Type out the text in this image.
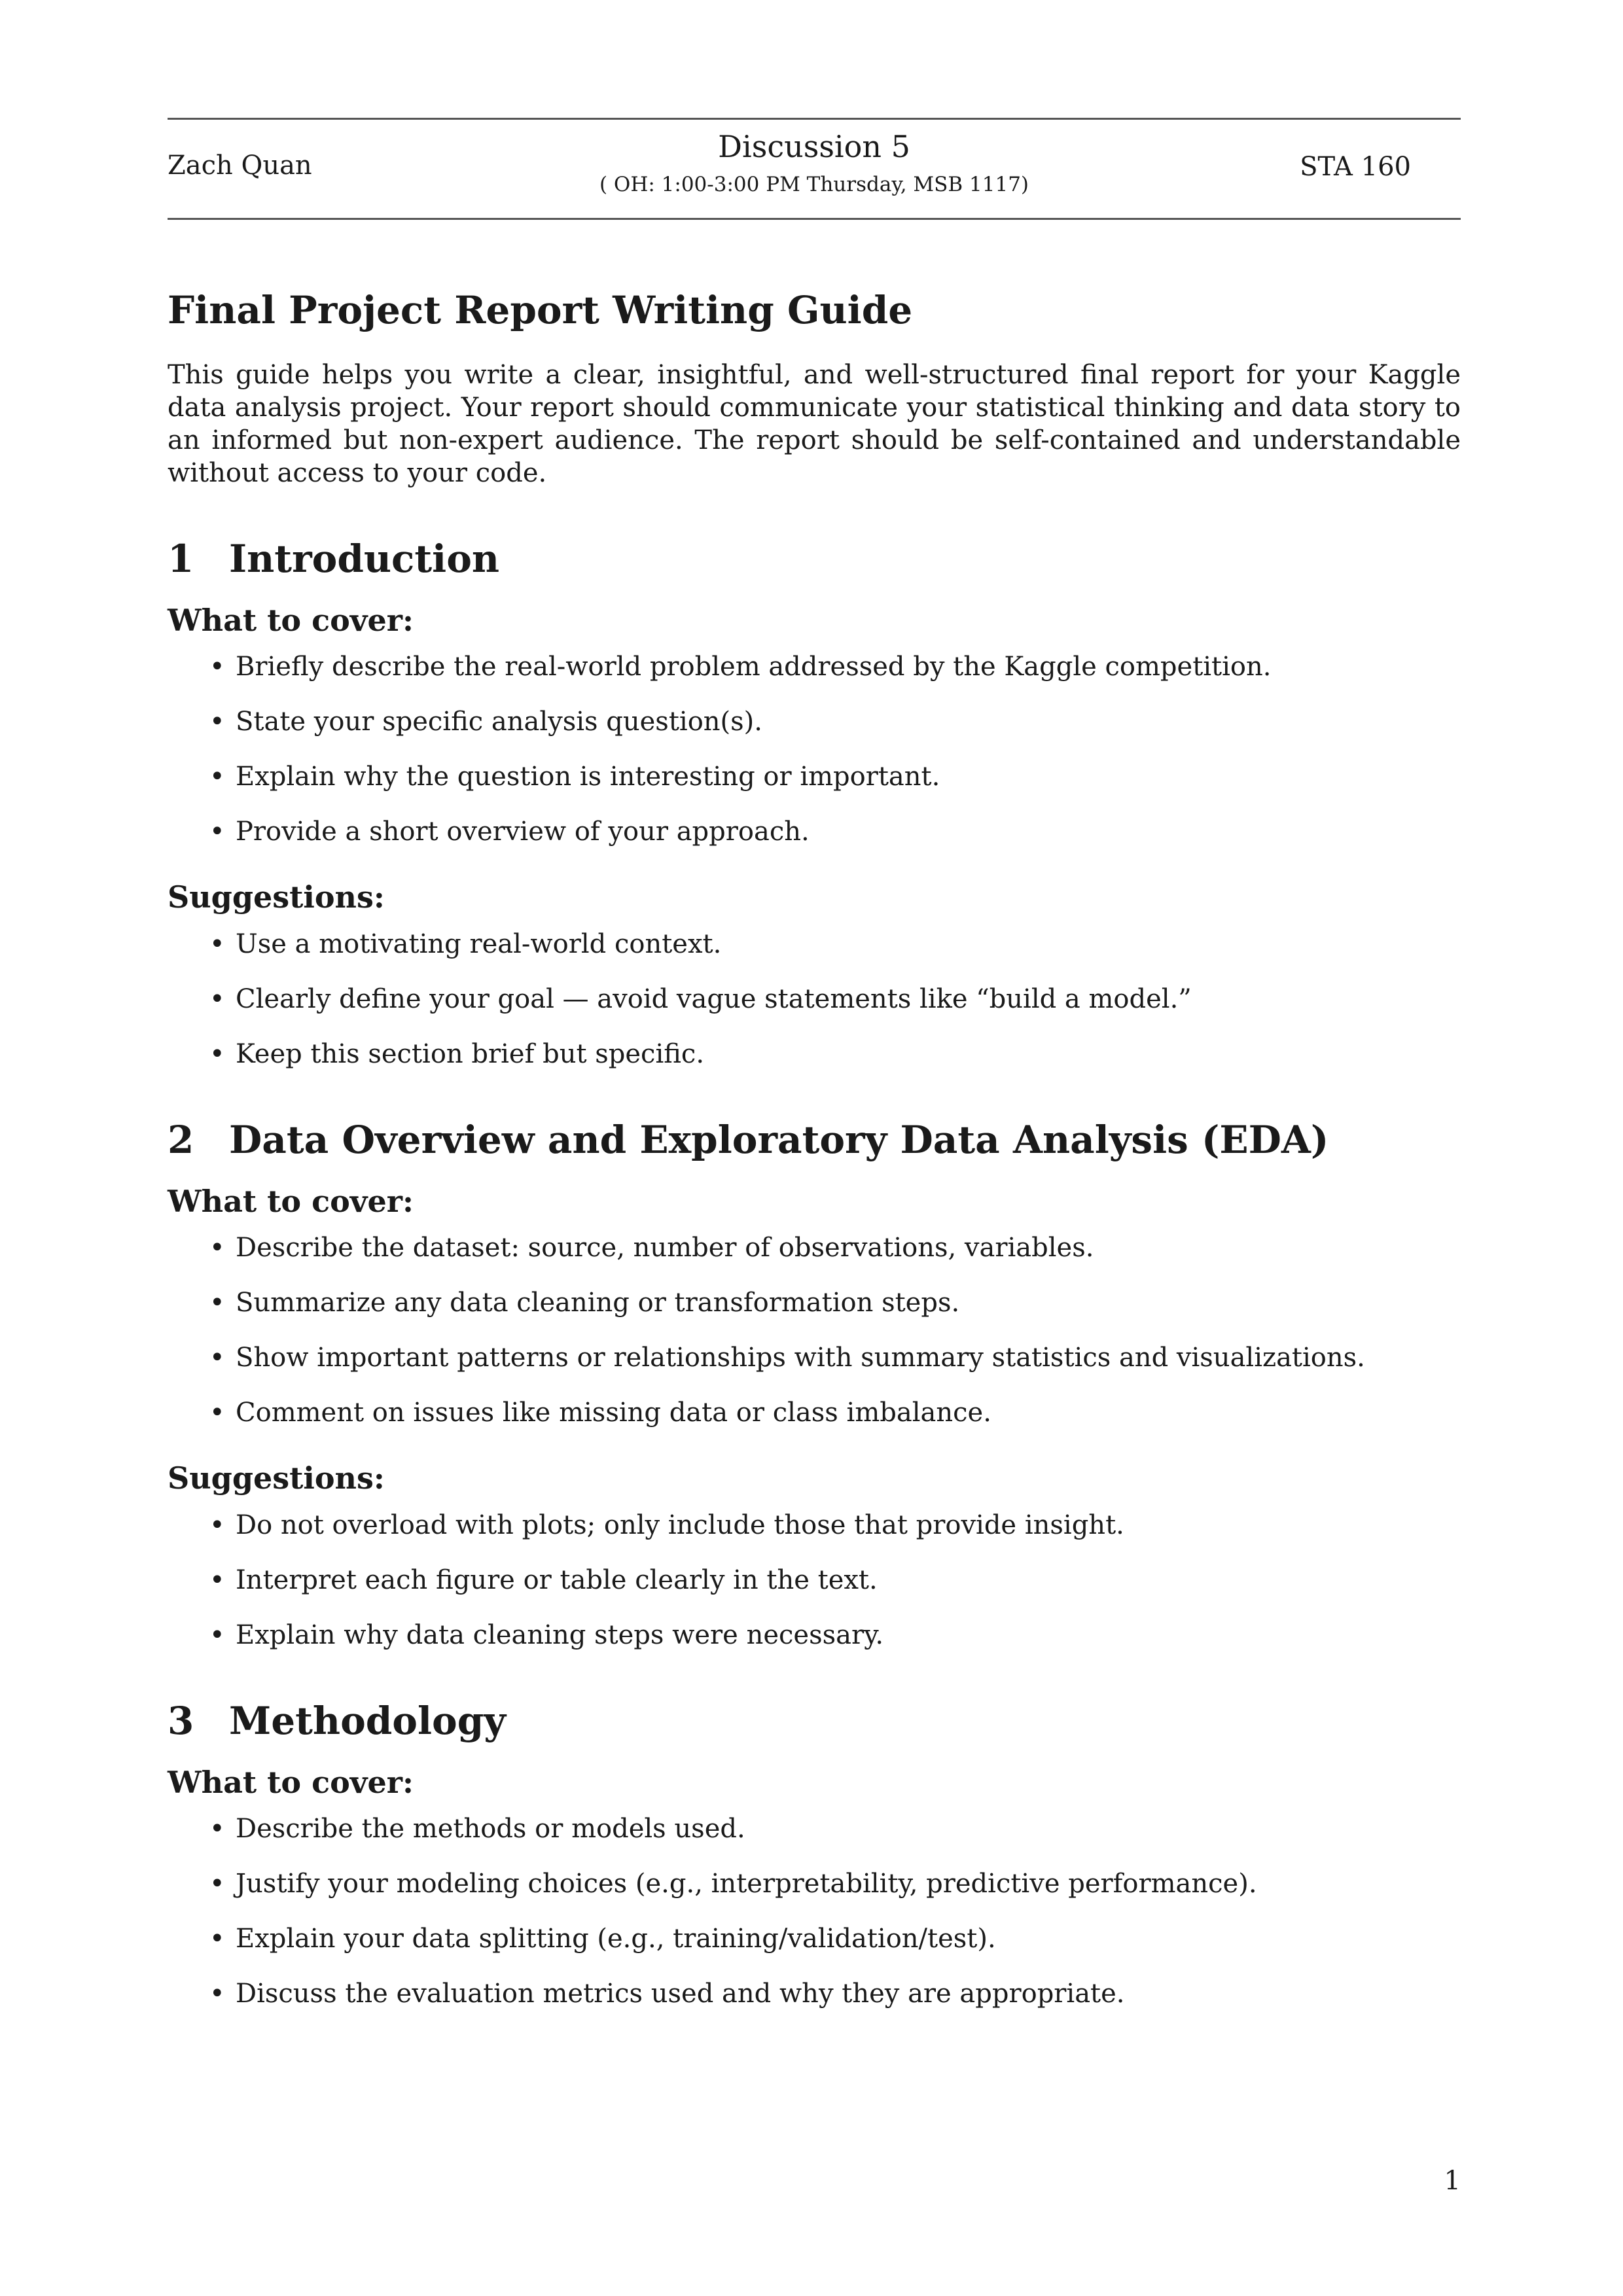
Zach Quan
Discussion 5
( OH: 1:00-3:00 PM Thursday, MSB 1117)
STA 160
Final Project Report Writing Guide

This guide helps you write a clear, insightful, and well-structured final report for your Kaggle data analysis project. Your report should communicate your statistical thinking and data story to an informed but non-expert audience. The report should be self-contained and understandable without access to your code.

1 Introduction
What to cover:
• Briefly describe the real-world problem addressed by the Kaggle competition.
• State your specific analysis question(s).
• Explain why the question is interesting or important.
• Provide a short overview of your approach.
Suggestions:
• Use a motivating real-world context.
• Clearly define your goal — avoid vague statements like “build a model.”
• Keep this section brief but specific.
2 Data Overview and Exploratory Data Analysis (EDA)
What to cover:
• Describe the dataset: source, number of observations, variables.
• Summarize any data cleaning or transformation steps.
• Show important patterns or relationships with summary statistics and visualizations.
• Comment on issues like missing data or class imbalance.
Suggestions:
• Do not overload with plots; only include those that provide insight.
• Interpret each figure or table clearly in the text.
• Explain why data cleaning steps were necessary.
3 Methodology
What to cover:
• Describe the methods or models used.
• Justify your modeling choices (e.g., interpretability, predictive performance).
• Explain your data splitting (e.g., training/validation/test).
• Discuss the evaluation metrics used and why they are appropriate.
1
